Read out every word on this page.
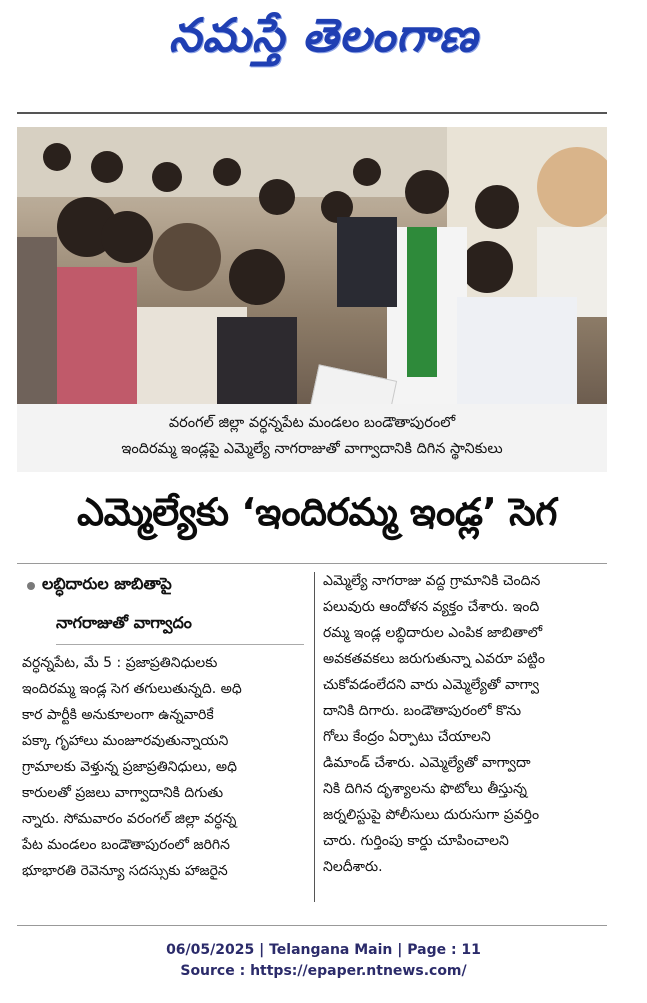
నమస్తే తెలంగాణ
వరంగల్ జిల్లా వర్ధన్నపేట మండలం బండౌతాపురంలో
ఇందిరమ్మ ఇండ్లపై ఎమ్మెల్యే నాగరాజుతో వాగ్వాదానికి దిగిన స్థానికులు
ఎమ్మెల్యేకు ‘ఇందిరమ్మ ఇండ్ల’ సెగ
లబ్ధిదారుల జాబితాపై
నాగరాజుతో వాగ్వాదం
వర్ధన్నపేట, మే 5 : ప్రజాప్రతినిధులకు
ఇందిరమ్మ ఇండ్ల సెగ తగులుతున్నది. అధి
కార పార్టీకి అనుకూలంగా ఉన్నవారికే
పక్కా గృహాలు మంజూరవుతున్నాయని
గ్రామాలకు వెళ్తున్న ప్రజాప్రతినిధులు, అధి
కారులతో ప్రజలు వాగ్వాదానికి దిగుతు
న్నారు. సోమవారం వరంగల్ జిల్లా వర్ధన్న
పేట మండలం బండౌతాపురంలో జరిగిన
భూభారతి రెవెన్యూ సదస్సుకు హాజరైన
ఎమ్మెల్యే నాగరాజు వద్ద గ్రామానికి చెందిన
పలువురు ఆందోళన వ్యక్తం చేశారు. ఇంది
రమ్మ ఇండ్ల లబ్ధిదారుల ఎంపిక జాబితాలో
అవకతవకలు జరుగుతున్నా ఎవరూ పట్టిం
చుకోవడంలేదని వారు ఎమ్మెల్యేతో వాగ్వా
దానికి దిగారు. బండౌతాపురంలో కొను
గోలు కేంద్రం ఏర్పాటు చేయాలని
డిమాండ్ చేశారు. ఎమ్మెల్యేతో వాగ్వాదా
నికి దిగిన దృశ్యాలను ఫొటోలు తీస్తున్న
జర్నలిస్టుపై పోలీసులు దురుసుగా ప్రవర్తిం
చారు. గుర్తింపు కార్డు చూపించాలని
నిలదీశారు.
06/05/2025 | Telangana Main | Page : 11
Source : https://epaper.ntnews.com/
